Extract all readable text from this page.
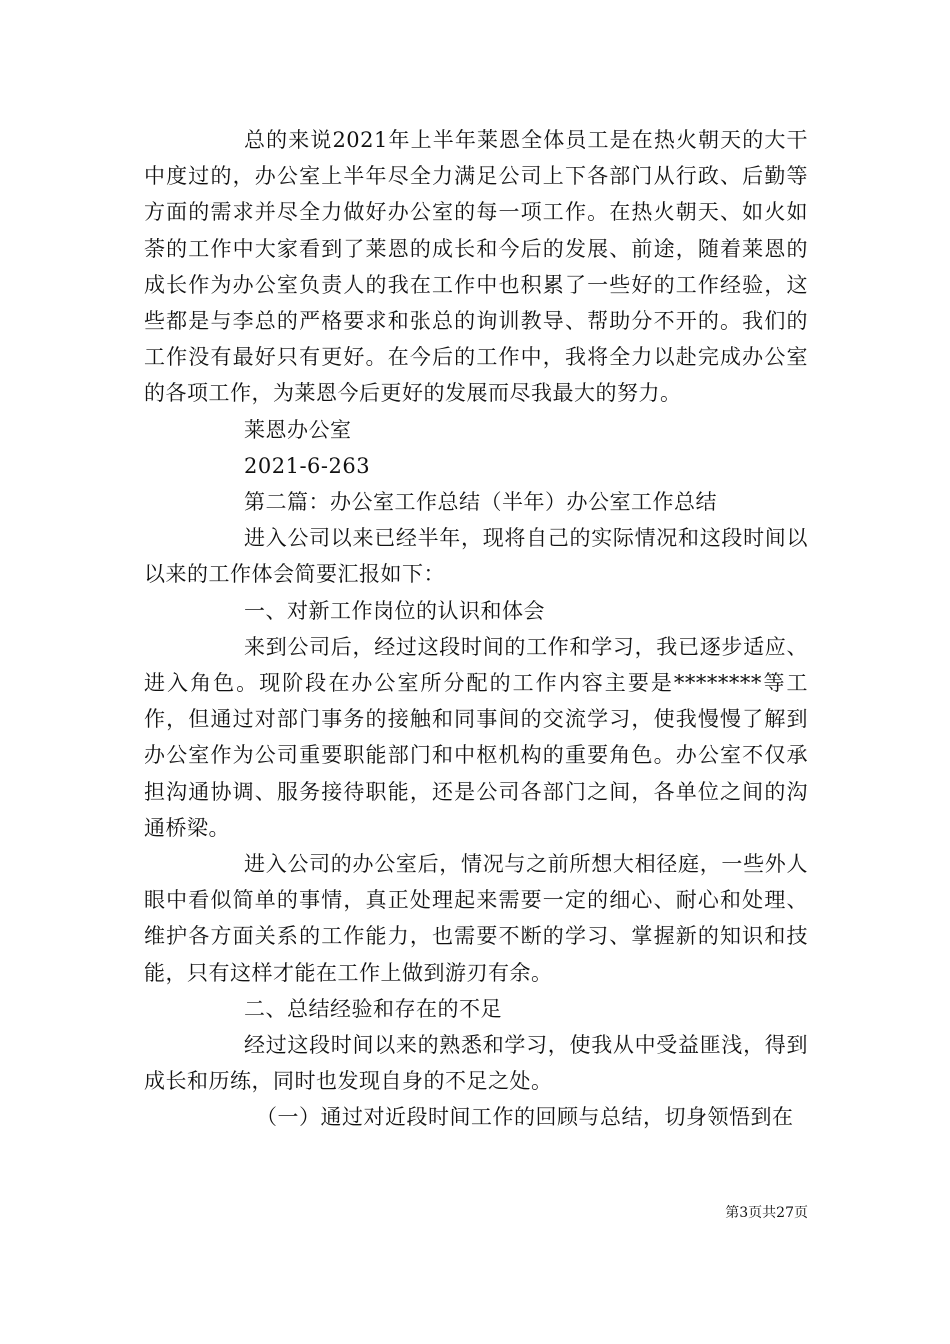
总的来说2021年上半年莱恩全体员工是在热火朝天的大干中度过的，办公室上半年尽全力满足公司上下各部门从行政、后勤等方面的需求并尽全力做好办公室的每一项工作。在热火朝天、如火如荼的工作中大家看到了莱恩的成长和今后的发展、前途，随着莱恩的成长作为办公室负责人的我在工作中也积累了一些好的工作经验，这些都是与李总的严格要求和张总的询训教导、帮助分不开的。我们的工作没有最好只有更好。在今后的工作中，我将全力以赴完成办公室的各项工作，为莱恩今后更好的发展而尽我最大的努力。

莱恩办公室

2021-6-263

第二篇：办公室工作总结（半年）办公室工作总结

进入公司以来已经半年，现将自己的实际情况和这段时间以以来的工作体会简要汇报如下：

一、对新工作岗位的认识和体会

来到公司后，经过这段时间的工作和学习，我已逐步适应、进入角色。现阶段在办公室所分配的工作内容主要是********等工作，但通过对部门事务的接触和同事间的交流学习，使我慢慢了解到办公室作为公司重要职能部门和中枢机构的重要角色。办公室不仅承担沟通协调、服务接待职能，还是公司各部门之间，各单位之间的沟通桥梁。

进入公司的办公室后，情况与之前所想大相径庭，一些外人眼中看似简单的事情，真正处理起来需要一定的细心、耐心和处理、维护各方面关系的工作能力，也需要不断的学习、掌握新的知识和技能，只有这样才能在工作上做到游刃有余。

二、总结经验和存在的不足

经过这段时间以来的熟悉和学习，使我从中受益匪浅，得到成长和历练，同时也发现自身的不足之处。

（一）通过对近段时间工作的回顾与总结，切身领悟到在

第3页共27页
